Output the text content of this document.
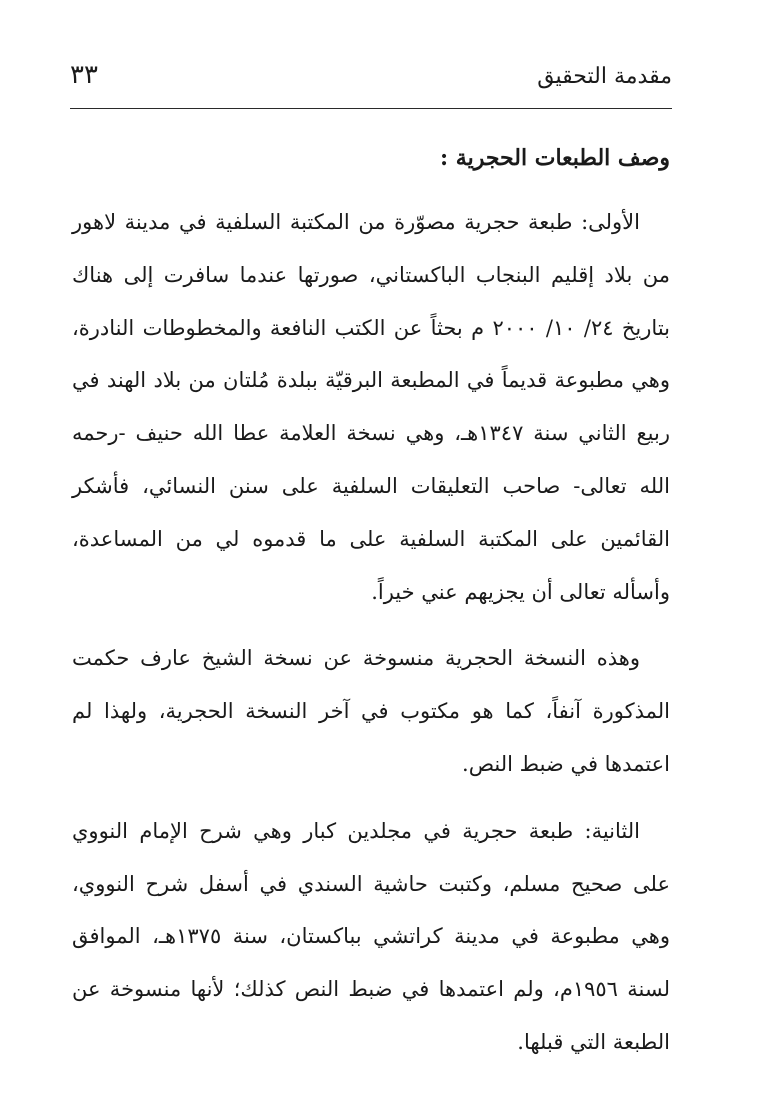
مقدمة التحقيق
٣٣
وصف الطبعات الحجرية :

الأولى: طبعة حجرية مصوّرة من المكتبة السلفية في مدينة لاهور من بلاد إقليم البنجاب الباكستاني، صورتها عندما سافرت إلى هناك بتاريخ ٢٤/ ١٠/ ٢٠٠٠ م بحثاً عن الكتب النافعة والمخطوطات النادرة، وهي مطبوعة قديماً في المطبعة البرقيّة ببلدة مُلتان من بلاد الهند في ربيع الثاني سنة ١٣٤٧هـ، وهي نسخة العلامة عطا الله حنيف -رحمه الله تعالى- صاحب التعليقات السلفية على سنن النسائي، فأشكر القائمين على المكتبة السلفية على ما قدموه لي من المساعدة، وأسأله تعالى أن يجزيهم عني خيراً.

وهذه النسخة الحجرية منسوخة عن نسخة الشيخ عارف حكمت المذكورة آنفاً، كما هو مكتوب في آخر النسخة الحجرية، ولهذا لم اعتمدها في ضبط النص.

الثانية: طبعة حجرية في مجلدين كبار وهي شرح الإمام النووي على صحيح مسلم، وكتبت حاشية السندي في أسفل شرح النووي، وهي مطبوعة في مدينة كراتشي بباكستان، سنة ١٣٧٥هـ، الموافق لسنة ١٩٥٦م، ولم اعتمدها في ضبط النص كذلك؛ لأنها منسوخة عن الطبعة التي قبلها.
